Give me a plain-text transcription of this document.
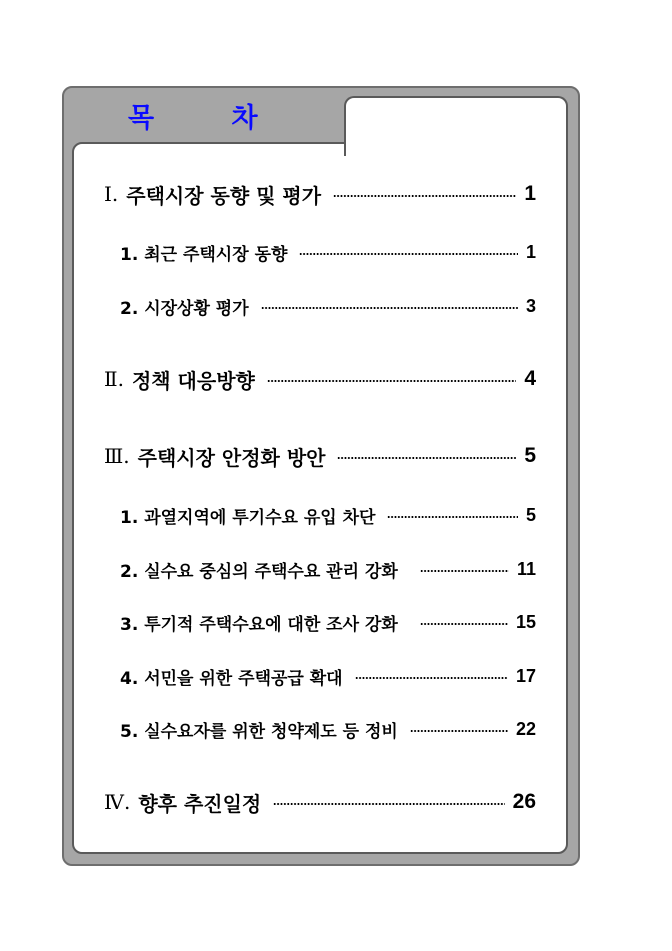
목 차
Ⅰ. 주택시장 동향 및 평가	1
1. 최근 주택시장 동향	1
2. 시장상황 평가	3
Ⅱ. 정책 대응방향	4
Ⅲ. 주택시장 안정화 방안	5
1. 과열지역에 투기수요 유입 차단	5
2. 실수요 중심의 주택수요 관리 강화	11
3. 투기적 주택수요에 대한 조사 강화	15
4. 서민을 위한 주택공급 확대	17
5. 실수요자를 위한 청약제도 등 정비	22
Ⅳ. 향후 추진일정	26
